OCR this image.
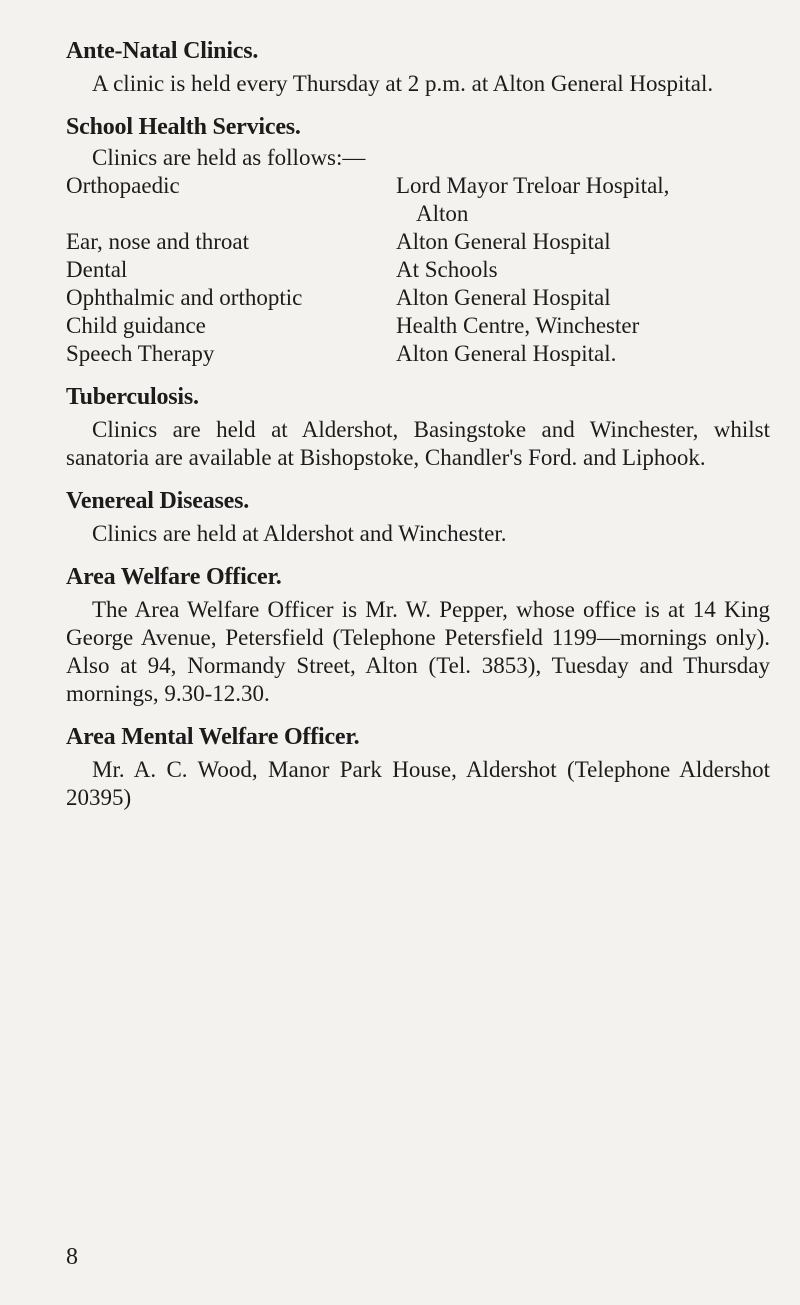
Ante-Natal Clinics.

A clinic is held every Thursday at 2 p.m. at Alton General Hospital.

School Health Services.
Clinics are held as follows:—
Orthopaedic	Lord Mayor Treloar Hospital,
Alton

Ear, nose and throat	Alton General Hospital
Dental	At Schools
Ophthalmic and orthoptic	Alton General Hospital
Child guidance	Health Centre, Winchester
Speech Therapy	Alton General Hospital.
Tuberculosis.

Clinics are held at Aldershot, Basingstoke and Winchester, whilst sanatoria are available at Bishopstoke, Chandler's Ford. and Liphook.

Venereal Diseases.

Clinics are held at Aldershot and Winchester.

Area Welfare Officer.

The Area Welfare Officer is Mr. W. Pepper, whose office is at 14 King George Avenue, Petersfield (Telephone Petersfield 1199—mornings only). Also at 94, Normandy Street, Alton (Tel. 3853), Tuesday and Thursday mornings, 9.30-12.30.

Area Mental Welfare Officer.

Mr. A. C. Wood, Manor Park House, Aldershot (Telephone Aldershot 20395)

8
